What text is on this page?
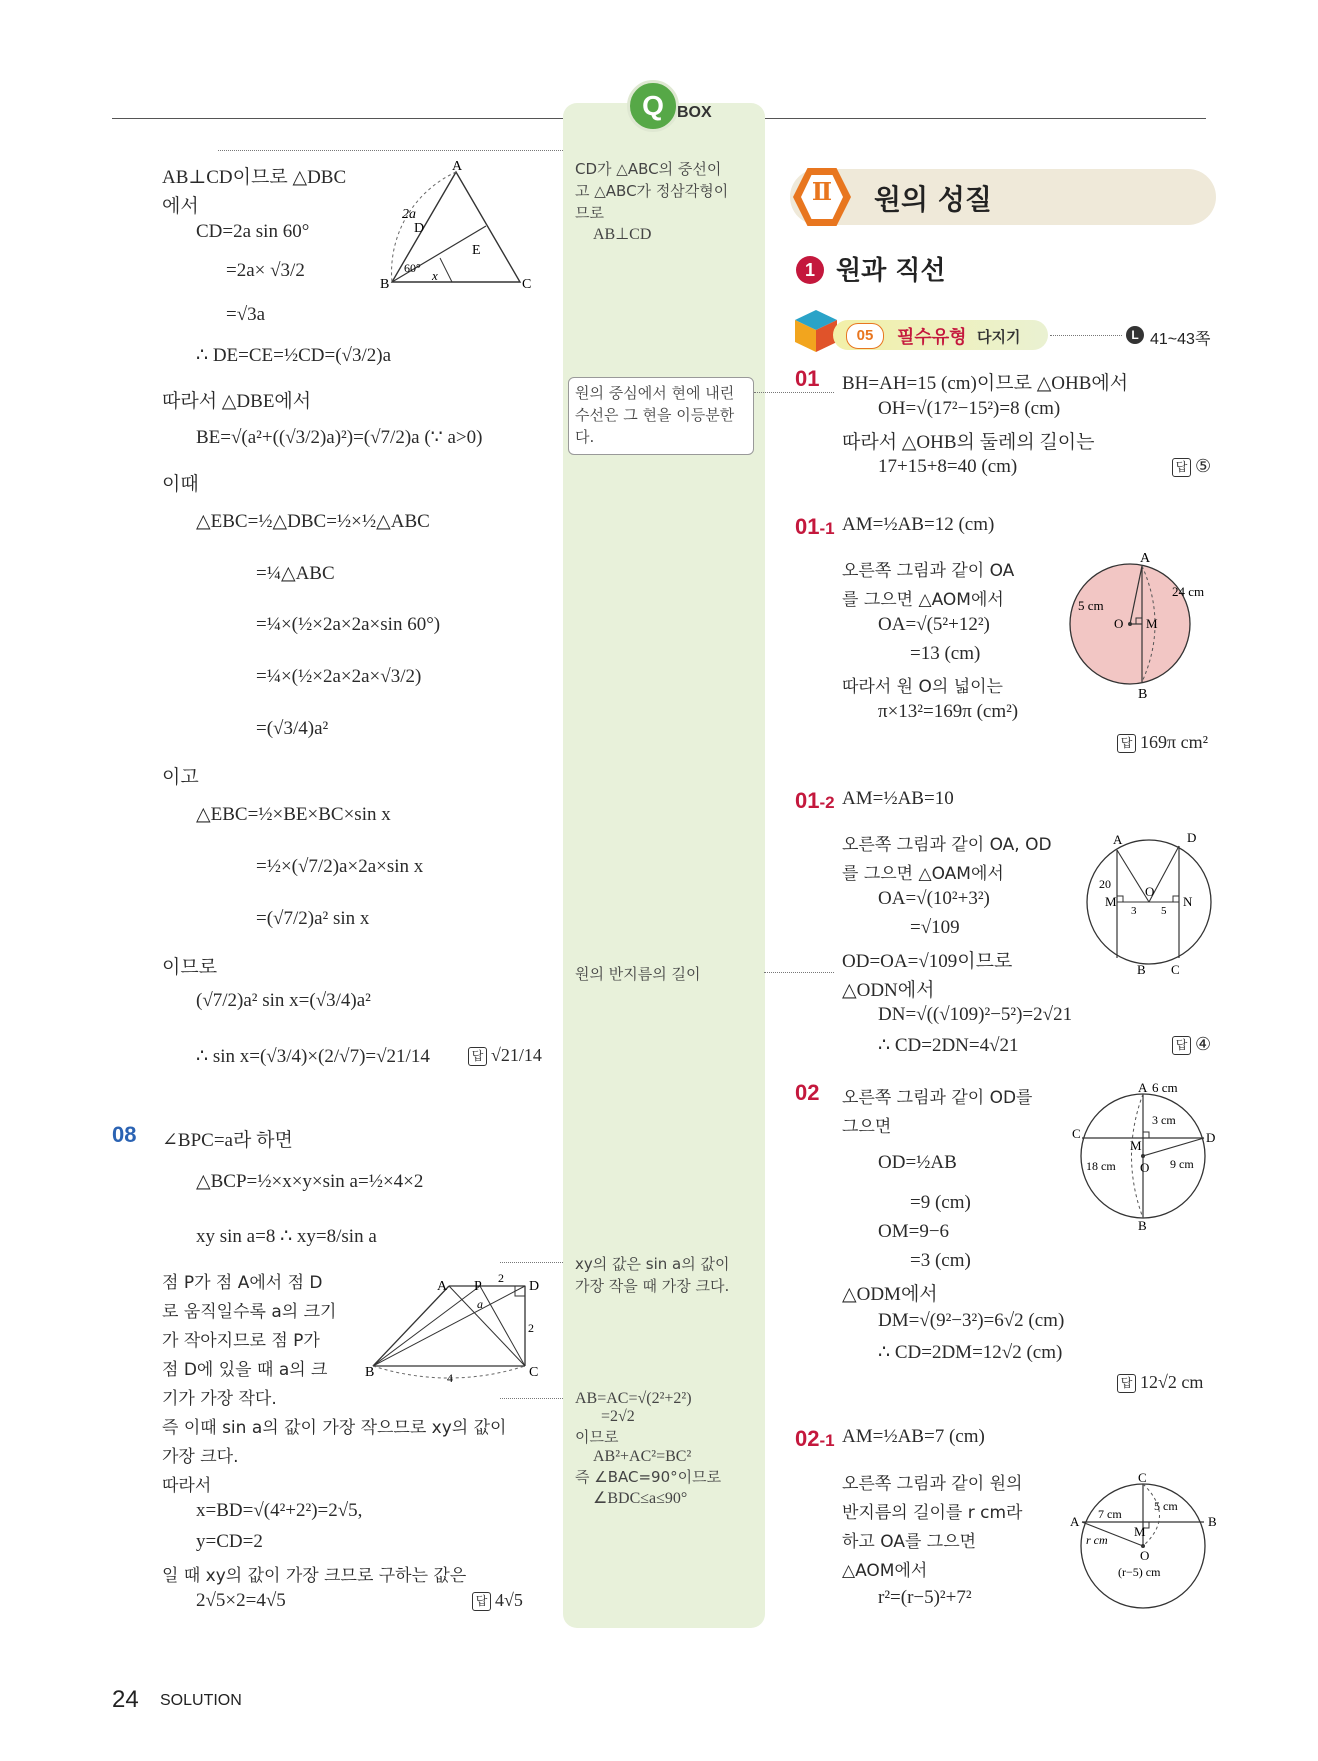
Q BOX
AB⊥CD이므로 △DBC
에서
CD=2a sin 60°
=2a× √3/2
=√3a
∴ DE=CE=½CD=(√3/2)a
따라서 △DBE에서
BE=√(a²+((√3/2)a)²)=(√7/2)a (∵ a>0)
이때
△EBC=½△DBC=½×½△ABC
=¼△ABC
=¼×(½×2a×2a×sin 60°)
=¼×(½×2a×2a×√3/2)
=(√3/4)a²
이고
△EBC=½×BE×BC×sin x
=½×(√7/2)a×2a×sin x
=(√7/2)a² sin x
이므로
(√7/2)a² sin x=(√3/4)a²
∴ sin x=(√3/4)×(2/√7)=√21/14	답 √21/14
A
B	C
D
E
2a
60° x
08 ∠BPC=a라 하면
△BCP=½×x×y×sin a=½×4×2
xy sin a=8 ∴ xy=8/sin a
점 P가 점 A에서 점 D
로 움직일수록 a의 크기
가 작아지므로 점 P가
점 D에 있을 때 a의 크
기가 가장 작다.
즉 이때 sin a의 값이 가장 작으므로 xy의 값이
가장 크다.
따라서
x=BD=√(4²+2²)=2√5,
y=CD=2
일 때 xy의 값이 가장 크므로 구하는 값은
2√5×2=4√5	답 4√5
A P	D
B	C
2
2
4
a
CD가 △ABC의 중선이
고 △ABC가 정삼각형이
므로
AB⊥CD
원의 중심에서 현에 내린
수선은 그 현을 이등분한
다.
원의 반지름의 길이
xy의 값은 sin a의 값이
가장 작을 때 가장 크다.
AB=AC=√(2²+2²)
=2√2
이므로
AB²+AC²=BC²
즉 ∠BAC=90°이므로
∠BDC≤a≤90°
Ⅱ	원의 성질
1 원과 직선
05	필수유형 다지기	L 41~43쪽
01 BH=AH=15 (cm)이므로 △OHB에서
OH=√(17²−15²)=8 (cm)
따라서 △OHB의 둘레의 길이는
17+15+8=40 (cm)	답 ⑤
01-1 AM=½AB=12 (cm)
오른쪽 그림과 같이 OA
를 그으면 △AOM에서
OA=√(5²+12²)
=13 (cm)
따라서 원 O의 넓이는
π×13²=169π (cm²)
답 169π cm²
A
B
O M
5 cm
24 cm
01-2 AM=½AB=10
오른쪽 그림과 같이 OA, OD
를 그으면 △OAM에서
OA=√(10²+3²)
=√109
OD=OA=√109이므로
△ODN에서
DN=√((√109)²−5²)=2√21
∴ CD=2DN=4√21	답 ④
A	D
O
M	N
B C
20
3 5
02 오른쪽 그림과 같이 OD를
그으면
OD=½AB
=9 (cm)
OM=9−6
=3 (cm)
△ODM에서
DM=√(9²−3²)=6√2 (cm)
∴ CD=2DM=12√2 (cm)
답 12√2 cm
A 6 cm
C	D
3 cm
M
18 cm	9 cm
O
B
02-1 AM=½AB=7 (cm)
오른쪽 그림과 같이 원의
반지름의 길이를 r cm라
하고 OA를 그으면
△AOM에서
r²=(r−5)²+7²
C
A	B
7 cm
5 cm
M
r cm
O
(r−5) cm
24 SOLUTION
